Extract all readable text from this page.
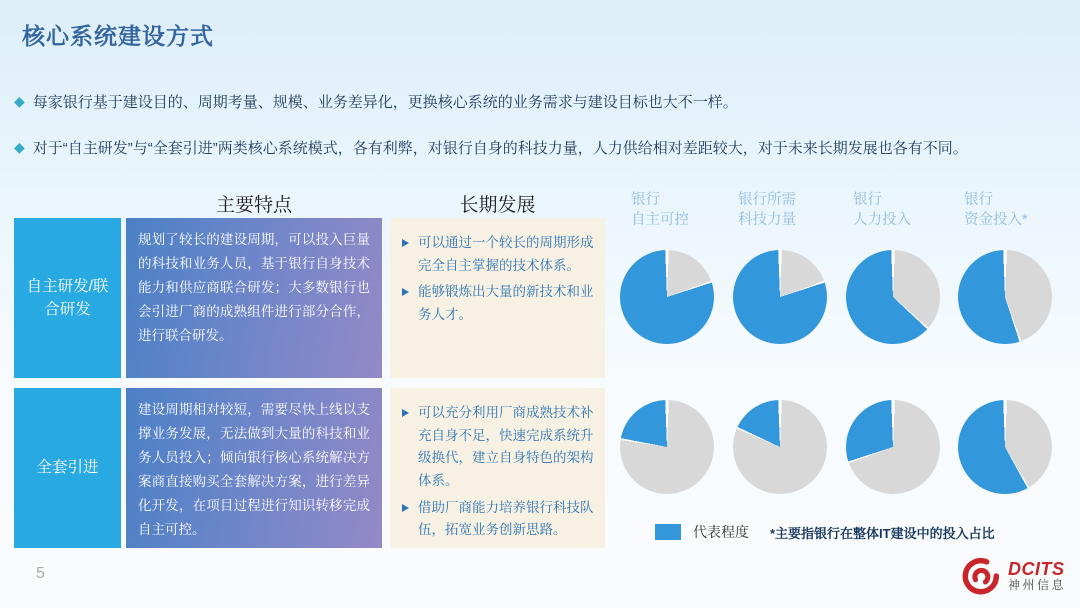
核心系统建设方式
◆ 每家银行基于建设目的、周期考量、规模、业务差异化，更换核心系统的业务需求与建设目标也大不一样。
◆ 对于“自主研发”与“全套引进”两类核心系统模式，各有利弊，对银行自身的科技力量，人力供给相对差距较大，对于未来长期发展也各有不同。
主要特点	长期发展	银行
自主可控
银行所需
科技力量
银行
人力投入
银行
资金投入*
自主研发/联合研发
规划了较长的建设周期，可以投入巨量的科技和业务人员，基于银行自身技术能力和供应商联合研发；大多数银行也会引进厂商的成熟组件进行部分合作，进行联合研发。
可以通过一个较长的周期形成完全自主掌握的技术体系。
能够锻炼出大量的新技术和业务人才。
全套引进
建设周期相对较短，需要尽快上线以支撑业务发展，无法做到大量的科技和业务人员投入；倾向银行核心系统解决方案商直接购买全套解决方案，进行差异化开发，在项目过程进行知识转移完成自主可控。
可以充分利用厂商成熟技术补充自身不足，快速完成系统升级换代，建立自身特色的架构体系。
借助厂商能力培养银行科技队伍，拓宽业务创新思路。	代表程度 *主要指银行在整体IT建设中的投入占比
5	DCITS
神州信息
